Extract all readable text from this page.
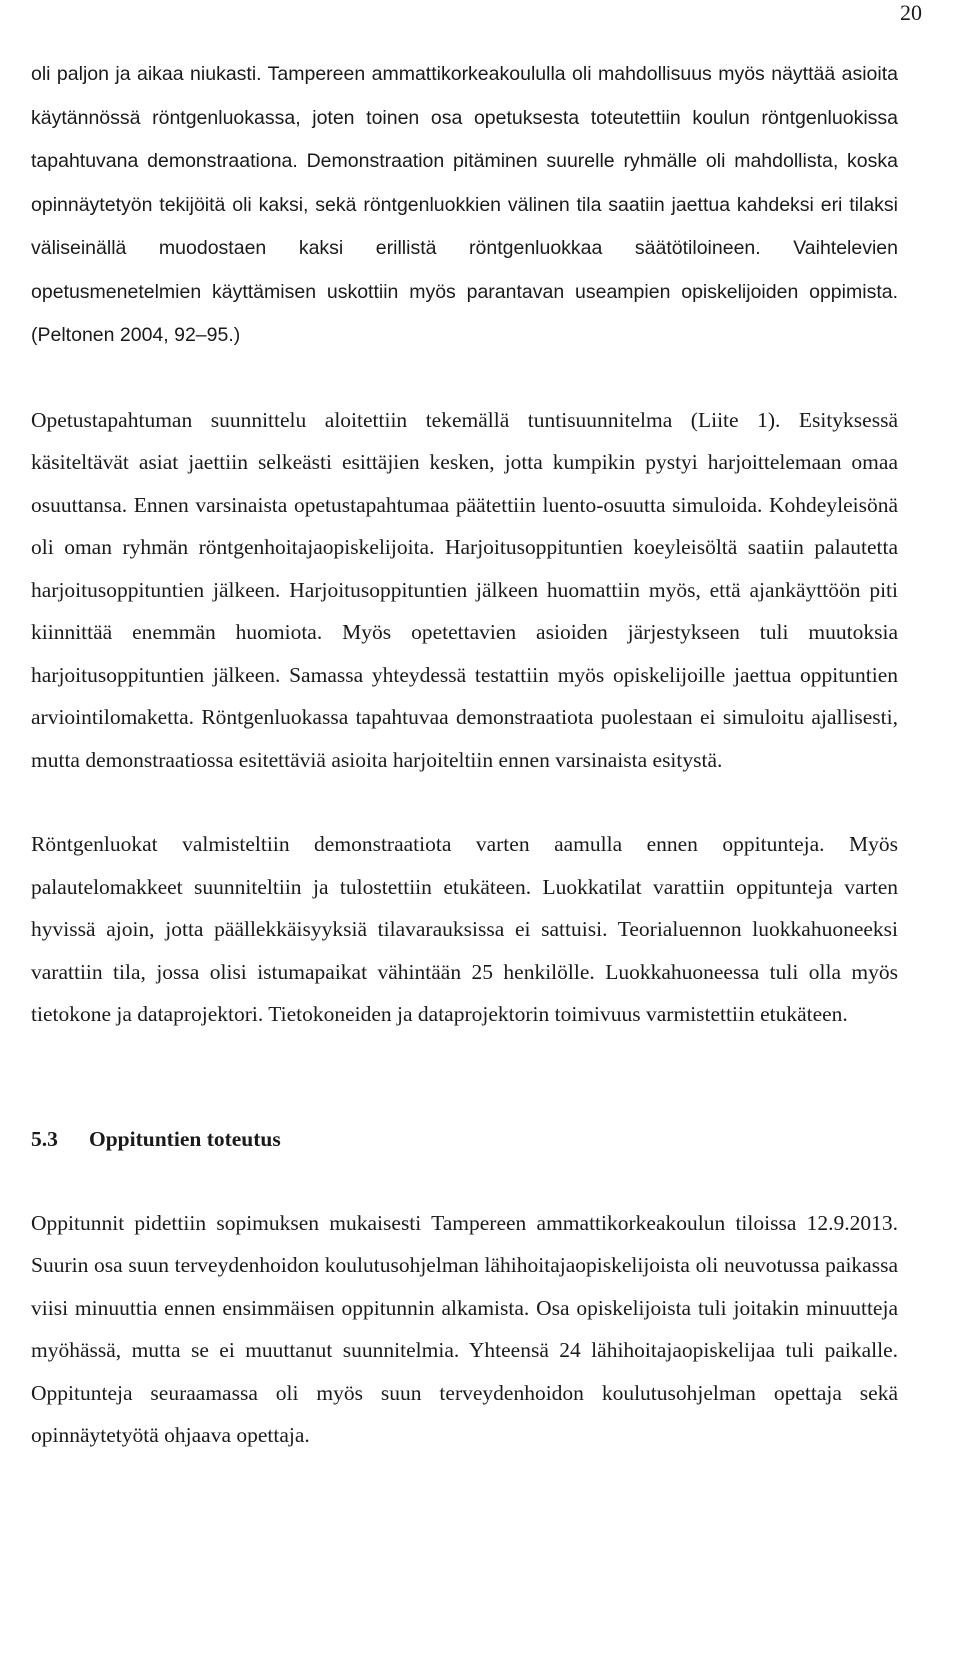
20

oli paljon ja aikaa niukasti. Tampereen ammattikorkeakoululla oli mahdollisuus myös näyttää asioita käytännössä röntgenluokassa, joten toinen osa opetuksesta toteutettiin koulun röntgenluokissa tapahtuvana demonstraationa. Demonstraation pitäminen suurelle ryhmälle oli mahdollista, koska opinnäytetyön tekijöitä oli kaksi, sekä röntgenluokkien välinen tila saatiin jaettua kahdeksi eri tilaksi väliseinällä muodostaen kaksi erillistä röntgenluokkaa säätötiloineen. Vaihtelevien opetusmenetelmien käyttämisen uskottiin myös parantavan useampien opiskelijoiden oppimista. (Peltonen 2004, 92–95.)

Opetustapahtuman suunnittelu aloitettiin tekemällä tuntisuunnitelma (Liite 1). Esityksessä käsiteltävät asiat jaettiin selkeästi esittäjien kesken, jotta kumpikin pystyi harjoittelemaan omaa osuuttansa. Ennen varsinaista opetustapahtumaa päätettiin luento-osuutta simuloida. Kohdeyleisönä oli oman ryhmän röntgenhoitajaopiskelijoita. Harjoitusoppituntien koeyleisöltä saatiin palautetta harjoitusoppituntien jälkeen. Harjoitusoppituntien jälkeen huomattiin myös, että ajankäyttöön piti kiinnittää enemmän huomiota. Myös opetettavien asioiden järjestykseen tuli muutoksia harjoitusoppituntien jälkeen. Samassa yhteydessä testattiin myös opiskelijoille jaettua oppituntien arviointilomaketta. Röntgenluokassa tapahtuvaa demonstraatiota puolestaan ei simuloitu ajallisesti, mutta demonstraatiossa esitettäviä asioita harjoiteltiin ennen varsinaista esitystä.

Röntgenluokat valmisteltiin demonstraatiota varten aamulla ennen oppitunteja. Myös palautelomakkeet suunniteltiin ja tulostettiin etukäteen. Luokkatilat varattiin oppitunteja varten hyvissä ajoin, jotta päällekkäisyyksiä tilavarauksissa ei sattuisi. Teorialuennon luokkahuoneeksi varattiin tila, jossa olisi istumapaikat vähintään 25 henkilölle. Luokkahuoneessa tuli olla myös tietokone ja dataprojektori. Tietokoneiden ja dataprojektorin toimivuus varmistettiin etukäteen.

5.3 Oppituntien toteutus

Oppitunnit pidettiin sopimuksen mukaisesti Tampereen ammattikorkeakoulun tiloissa 12.9.2013. Suurin osa suun terveydenhoidon koulutusohjelman lähihoitajaopiskelijoista oli neuvotussa paikassa viisi minuuttia ennen ensimmäisen oppitunnin alkamista. Osa opiskelijoista tuli joitakin minuutteja myöhässä, mutta se ei muuttanut suunnitelmia. Yhteensä 24 lähihoitajaopiskelijaa tuli paikalle. Oppitunteja seuraamassa oli myös suun terveydenhoidon koulutusohjelman opettaja sekä opinnäytetyötä ohjaava opettaja.
